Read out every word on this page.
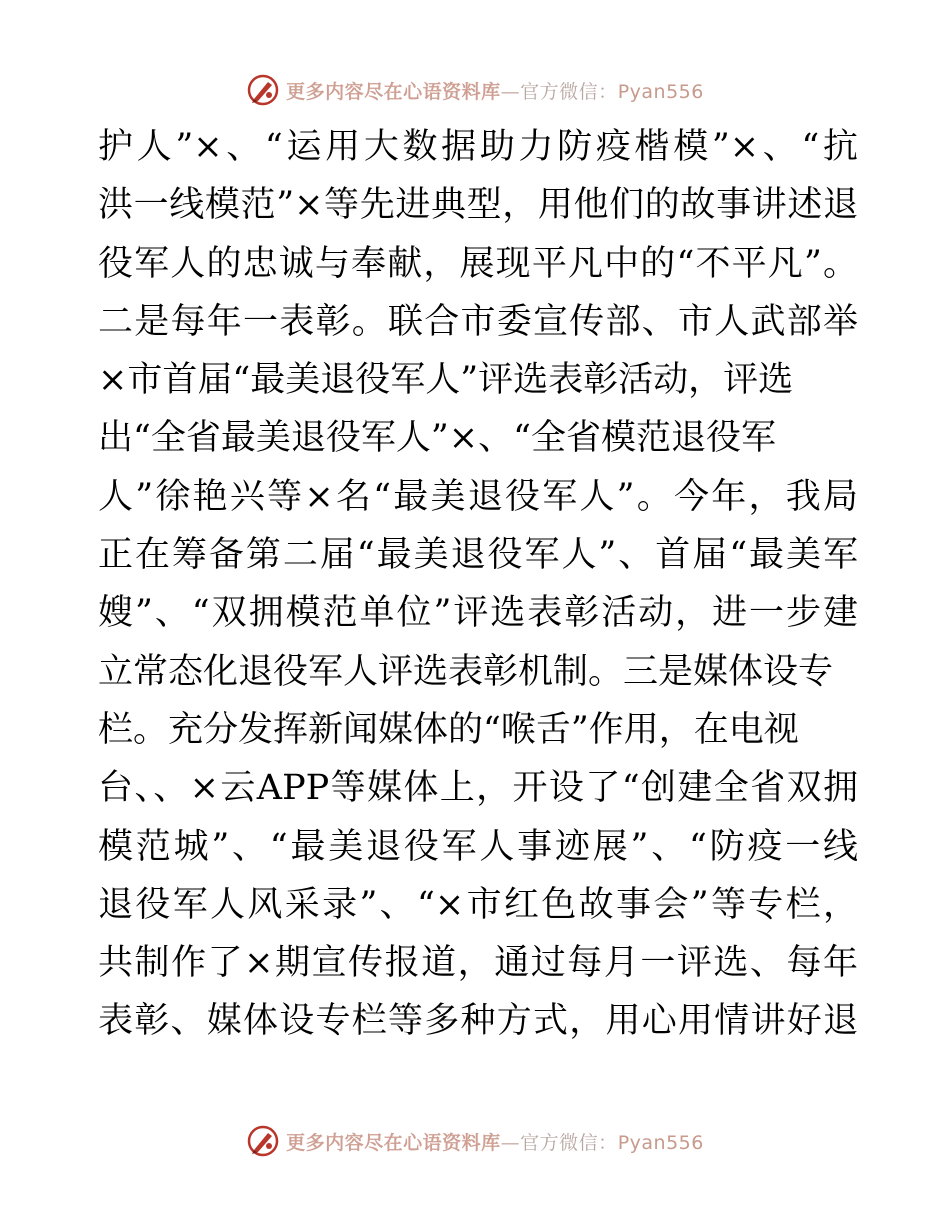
更多内容尽在心语资料库—官方微信：Pyan556
护人”×、“运用大数据助力防疫楷模”×、“抗
洪一线模范”×等先进典型，用他们的故事讲述退
役军人的忠诚与奉献，展现平凡中的“不平凡”。
二是每年一表彰。联合市委宣传部、市人武部举
×市首届“最美退役军人”评选表彰活动，评选
出“全省最美退役军人”×、“全省模范退役军
人”徐艳兴等×名“最美退役军人”。今年，我局
正在筹备第二届“最美退役军人”、首届“最美军
嫂”、“双拥模范单位”评选表彰活动，进一步建
立常态化退役军人评选表彰机制。三是媒体设专
栏。充分发挥新闻媒体的“喉舌”作用，在电视
台、、×云APP等媒体上，开设了“创建全省双拥
模范城”、“最美退役军人事迹展”、“防疫一线
退役军人风采录”、“×市红色故事会”等专栏，
共制作了×期宣传报道，通过每月一评选、每年
表彰、媒体设专栏等多种方式，用心用情讲好退
更多内容尽在心语资料库—官方微信：Pyan556
